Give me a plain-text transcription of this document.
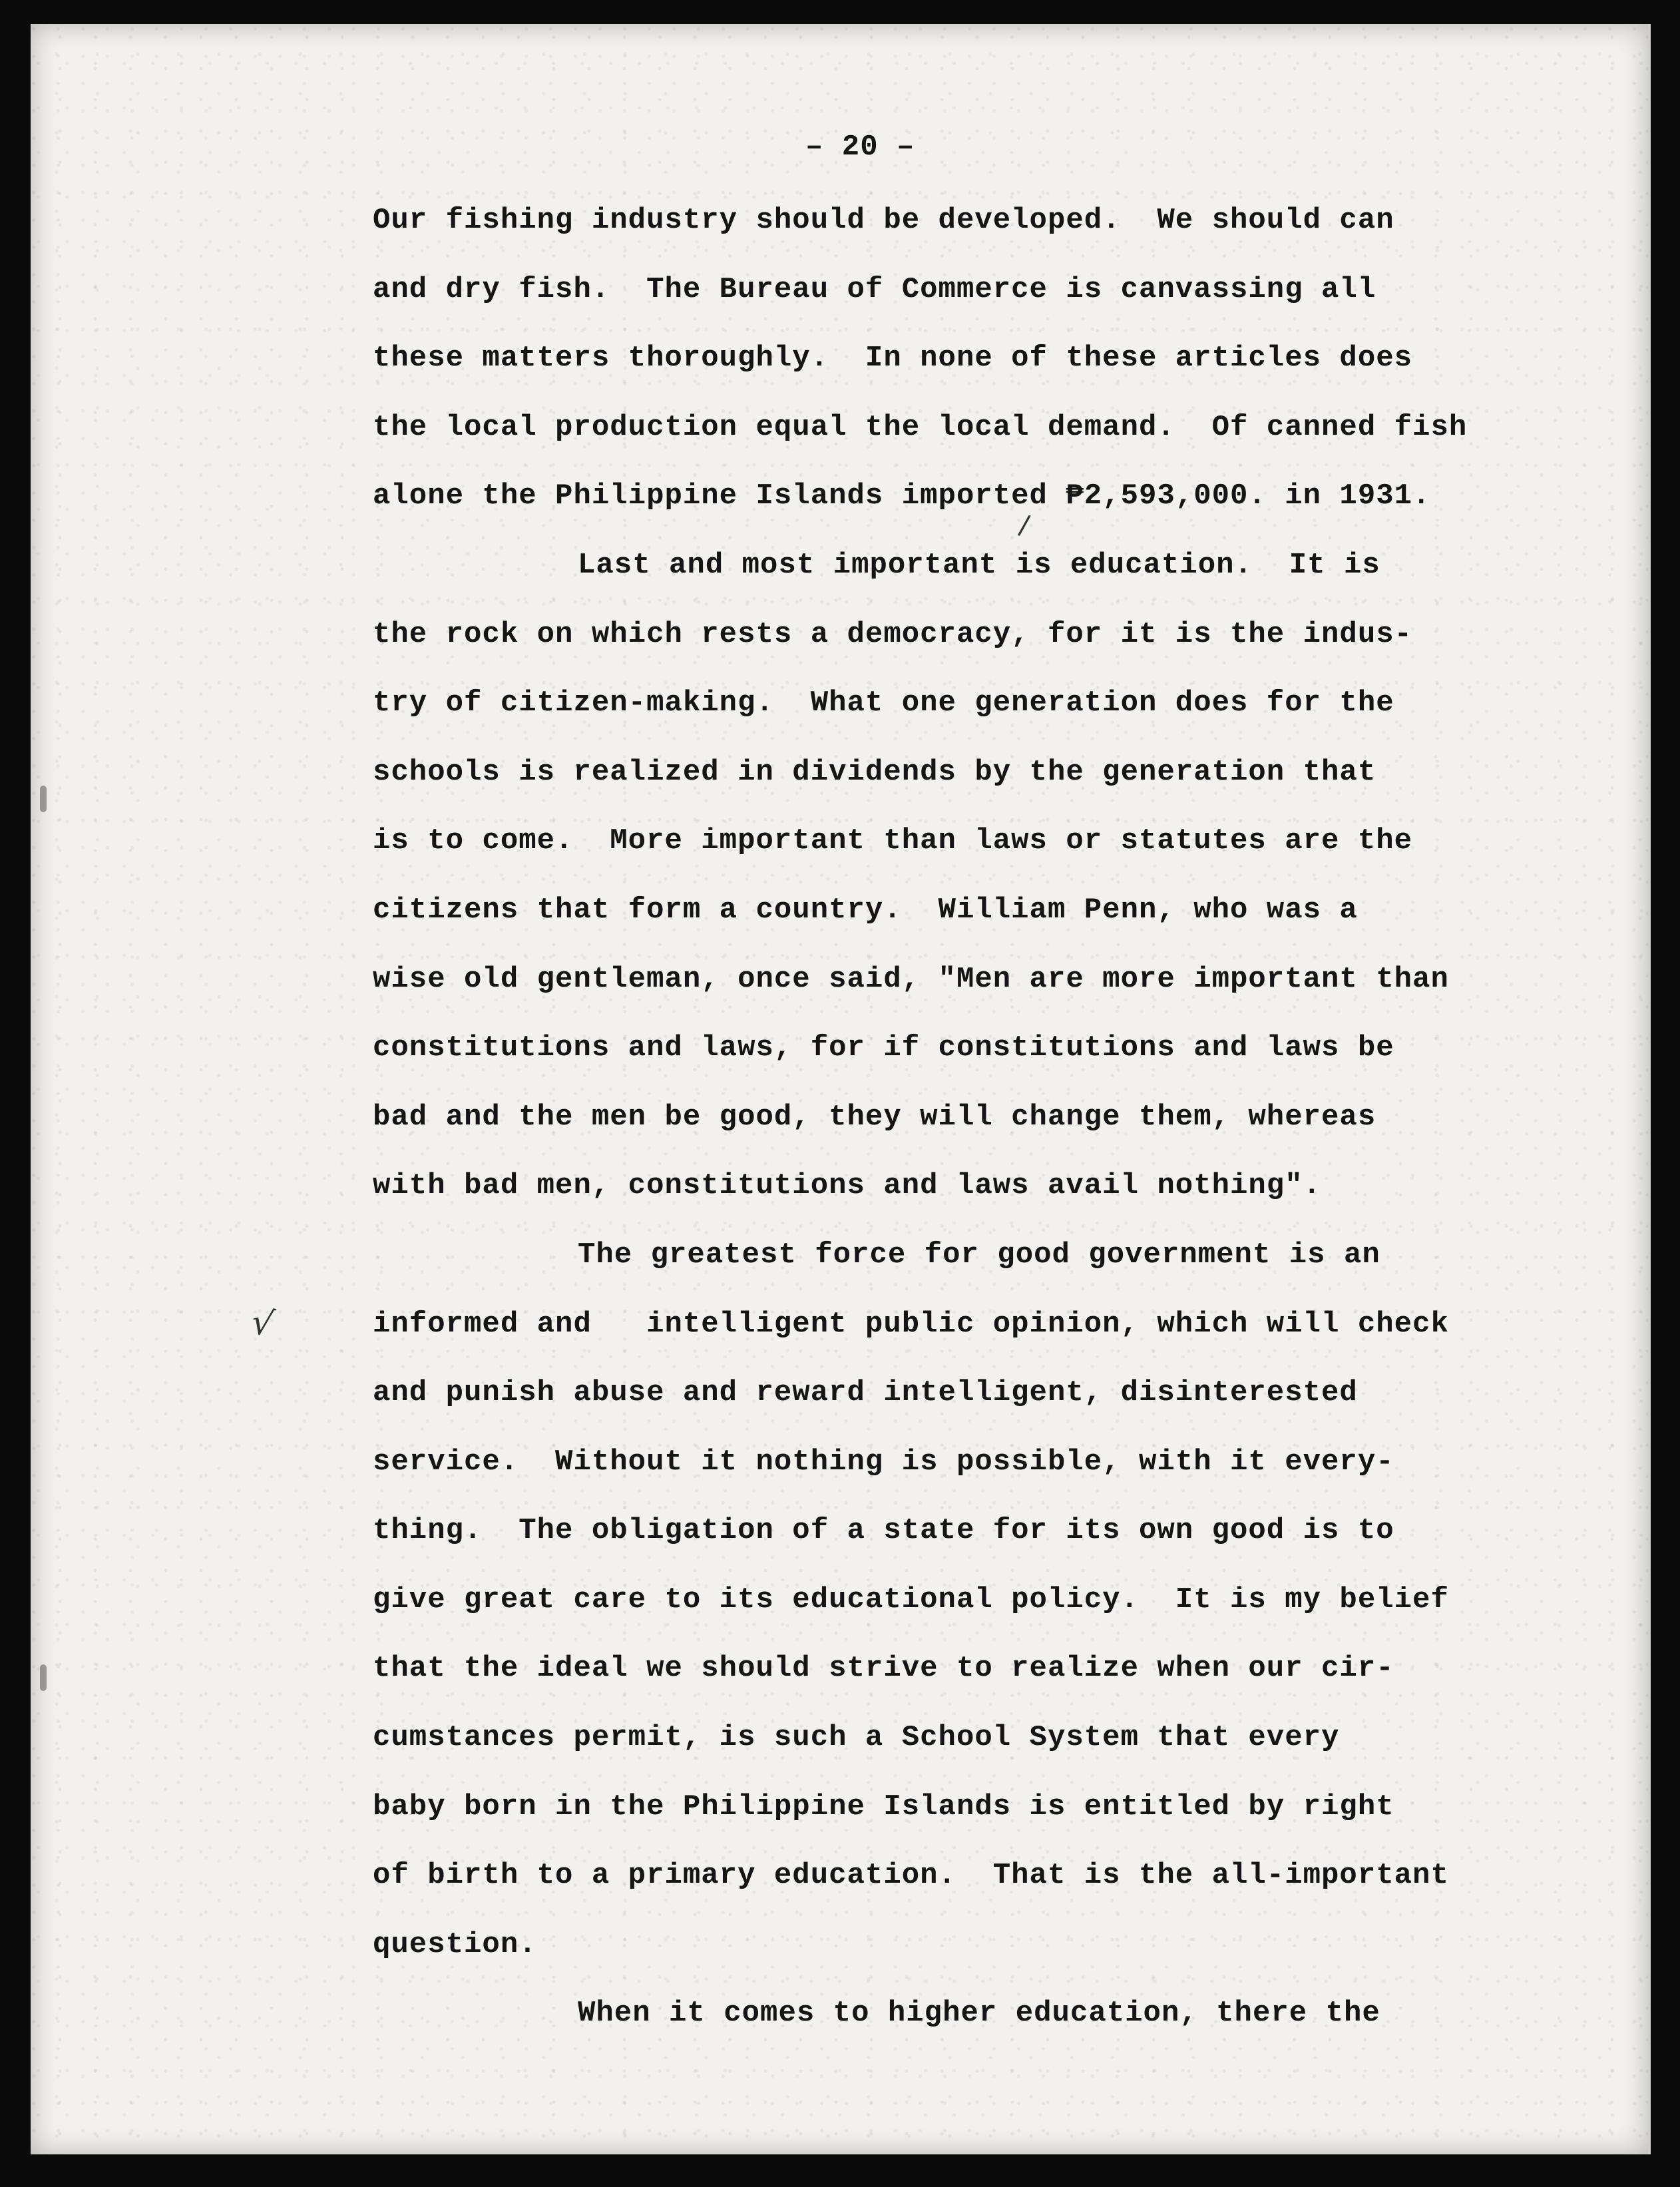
– 20 –
Our fishing industry should be developed.  We should can
and dry fish.  The Bureau of Commerce is canvassing all
these matters thoroughly.  In none of these articles does
the local production equal the local demand.  Of canned fish
alone the Philippine Islands imported ₱2,593,000. in 1931.
Last and most important is education.  It is
the rock on which rests a democracy, for it is the indus-
try of citizen-making.  What one generation does for the
schools is realized in dividends by the generation that
is to come.  More important than laws or statutes are the
citizens that form a country.  William Penn, who was a
wise old gentleman, once said, "Men are more important than
constitutions and laws, for if constitutions and laws be
bad and the men be good, they will change them, whereas
with bad men, constitutions and laws avail nothing".
The greatest force for good government is an
informed and   intelligent public opinion, which will check
and punish abuse and reward intelligent, disinterested
service.  Without it nothing is possible, with it every-
thing.  The obligation of a state for its own good is to
give great care to its educational policy.  It is my belief
that the ideal we should strive to realize when our cir-
cumstances permit, is such a School System that every
baby born in the Philippine Islands is entitled by right
of birth to a primary education.  That is the all-important
question.
When it comes to higher education, there the
√
/
